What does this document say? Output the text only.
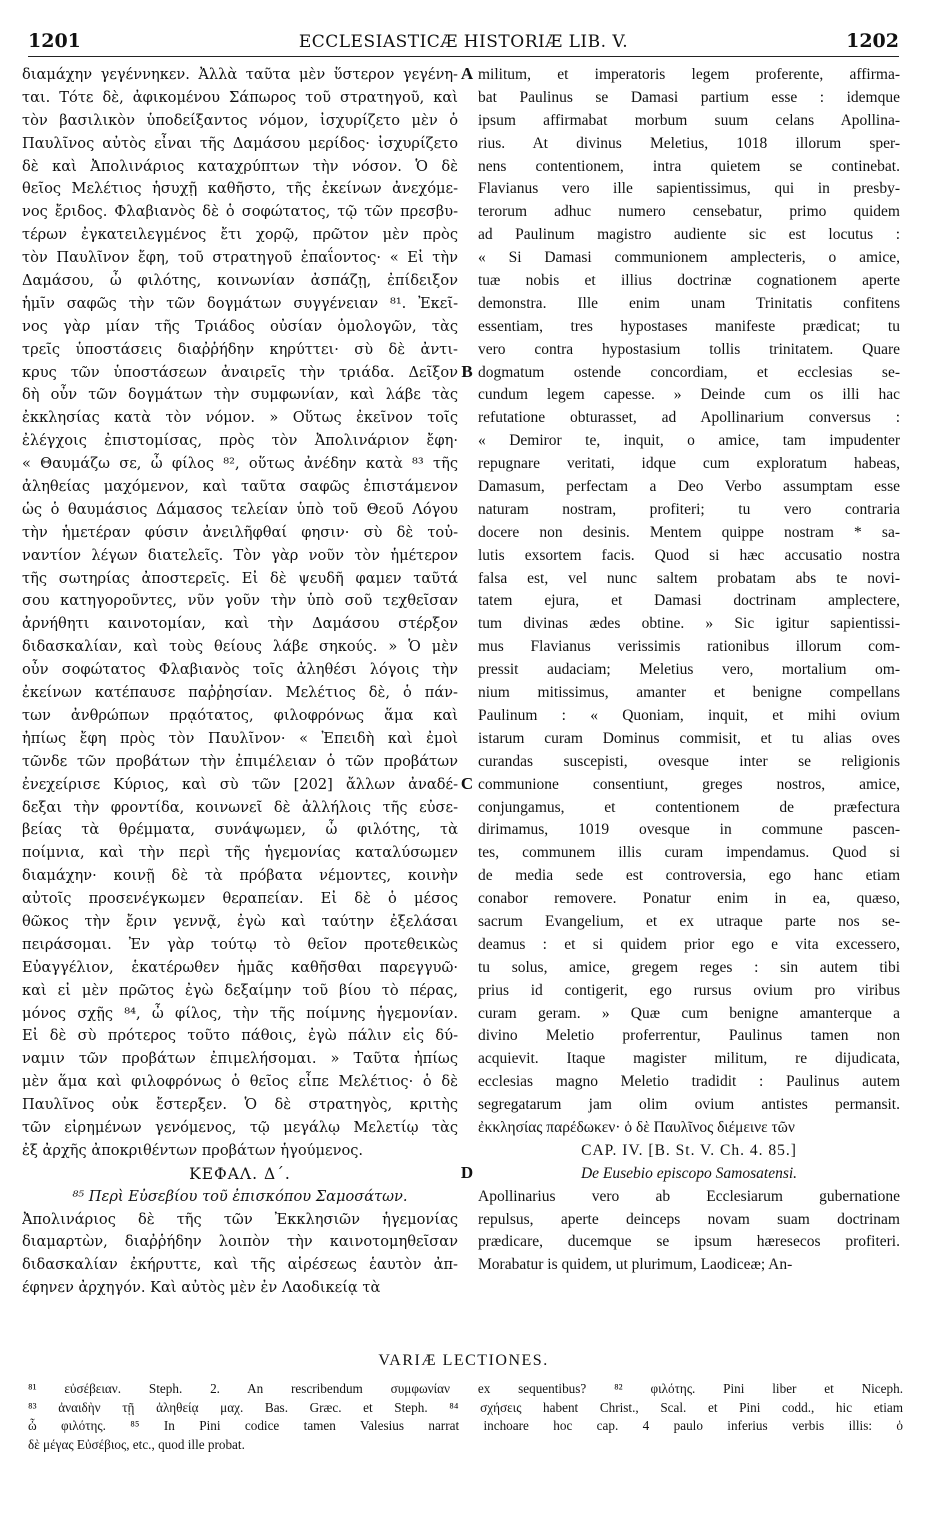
1201	ECCLESIASTICÆ HISTORIÆ LIB. V.	1202
διαμάχην γεγέννηκεν. Ἀλλὰ ταῦτα μὲν ὕστερον γεγένη-
ται. Τότε δὲ, ἀφικομένου Σάπωρος τοῦ στρατηγοῦ, καὶ
τὸν βασιλικὸν ὑποδείξαντος νόμον, ἰσχυρίζετο μὲν ὁ
Παυλῖνος αὐτὸς εἶναι τῆς Δαμάσου μερίδος· ἰσχυρίζετο
δὲ καὶ Ἀπολινάριος καταχρύπτων τὴν νόσον. Ὁ δὲ
θεῖος Μελέτιος ἡσυχῇ καθῆστο, τῆς ἐκείνων ἀνεχόμε-
νος ἔριδος. Φλαβιανὸς δὲ ὁ σοφώτατος, τῷ τῶν πρεσβυ-
τέρων ἐγκατειλεγμένος ἔτι χορῷ, πρῶτον μὲν πρὸς
τὸν Παυλῖνον ἔφη, τοῦ στρατηγοῦ ἐπαΐοντος· « Εἰ τὴν
Δαμάσου, ὦ φιλότης, κοινωνίαν ἀσπάζῃ, ἐπίδειξον
ἡμῖν σαφῶς τὴν τῶν δογμάτων συγγένειαν ⁸¹. Ἐκεῖ-
νος γὰρ μίαν τῆς Τριάδος οὐσίαν ὁμολογῶν, τὰς
τρεῖς ὑποστάσεις διαῤῥήδην κηρύττει· σὺ δὲ ἀντι-
κρυς τῶν ὑποστάσεων ἀναιρεῖς τὴν τριάδα. Δεῖξον
δὴ οὖν τῶν δογμάτων τὴν συμφωνίαν, καὶ λάβε τὰς
ἐκκλησίας κατὰ τὸν νόμον. » Οὕτως ἐκεῖνον τοῖς
ἐλέγχοις ἐπιστομίσας, πρὸς τὸν Ἀπολινάριον ἔφη·
« Θαυμάζω σε, ὦ φίλος ⁸², οὕτως ἀνέδην κατὰ ⁸³ τῆς
ἀληθείας μαχόμενον, καὶ ταῦτα σαφῶς ἐπιστάμενον
ὡς ὁ θαυμάσιος Δάμασος τελείαν ὑπὸ τοῦ Θεοῦ Λόγου
τὴν ἡμετέραν φύσιν ἀνειλῆφθαί φησιν· σὺ δὲ τοὐ-
ναντίον λέγων διατελεῖς. Τὸν γὰρ νοῦν τὸν ἡμέτερον
τῆς σωτηρίας ἀποστερεῖς. Εἰ δὲ ψευδῆ φαμεν ταῦτά
σου κατηγοροῦντες, νῦν γοῦν τὴν ὑπὸ σοῦ τεχθεῖσαν
ἀρνήθητι καινοτομίαν, καὶ τὴν Δαμάσου στέρξον
διδασκαλίαν, καὶ τοὺς θείους λάβε σηκούς. » Ὁ μὲν
οὖν σοφώτατος Φλαβιανὸς τοῖς ἀληθέσι λόγοις τὴν
ἐκείνων κατέπαυσε παῤῥησίαν. Μελέτιος δὲ, ὁ πάν-
των ἀνθρώπων πρᾳότατος, φιλοφρόνως ἅμα καὶ
ἠπίως ἔφη πρὸς τὸν Παυλῖνον· « Ἐπειδὴ καὶ ἐμοὶ
τῶνδε τῶν προβάτων τὴν ἐπιμέλειαν ὁ τῶν προβάτων
ἐνεχείρισε Κύριος, καὶ σὺ τῶν [202] ἄλλων ἀναδέ-
δεξαι τὴν φροντίδα, κοινωνεῖ δὲ ἀλλήλοις τῆς εὐσε-
βείας τὰ θρέμματα, συνάψωμεν, ὦ φιλότης, τὰ
ποίμνια, καὶ τὴν περὶ τῆς ἡγεμονίας καταλύσωμεν
διαμάχην· κοινῇ δὲ τὰ πρόβατα νέμοντες, κοινὴν
αὐτοῖς προσενέγκωμεν θεραπείαν. Εἰ δὲ ὁ μέσος
θῶκος τὴν ἔριν γεννᾷ, ἐγὼ καὶ ταύτην ἐξελάσαι
πειράσομαι. Ἐν γὰρ τούτῳ τὸ θεῖον προτεθεικὼς
Εὐαγγέλιον, ἑκατέρωθεν ἡμᾶς καθῆσθαι παρεγγυῶ·
καὶ εἰ μὲν πρῶτος ἐγὼ δεξαίμην τοῦ βίου τὸ πέρας,
μόνος σχῇς ⁸⁴, ὦ φίλος, τὴν τῆς ποίμνης ἡγεμονίαν.
Εἰ δὲ σὺ πρότερος τοῦτο πάθοις, ἐγὼ πάλιν εἰς δύ-
ναμιν τῶν προβάτων ἐπιμελήσομαι. » Ταῦτα ἠπίως
μὲν ἅμα καὶ φιλοφρόνως ὁ θεῖος εἶπε Μελέτιος· ὁ δὲ
Παυλῖνος οὐκ ἔστερξεν. Ὁ δὲ στρατηγὸς, κριτὴς
τῶν εἰρημένων γενόμενος, τῷ μεγάλῳ Μελετίῳ τὰς
ἐξ ἀρχῆς ἀποκριθέντων προβάτων ἡγούμενος.
ΚΕΦΑΛ. Δ΄.
⁸⁵ Περὶ Εὐσεβίου τοῦ ἐπισκόπου Σαμοσάτων.
Ἀπολινάριος δὲ τῆς τῶν Ἐκκλησιῶν ἡγεμονίας
διαμαρτὼν, διαῤῥήδην λοιπὸν τὴν καινοτομηθεῖσαν
διδασκαλίαν ἐκήρυττε, καὶ τῆς αἱρέσεως ἑαυτὸν ἀπ-
έφηνεν ἀρχηγόν. Καὶ αὐτὸς μὲν ἐν Λαοδικείᾳ τὰ
A
B
C
D
militum, et imperatoris legem proferente, affirma-
bat Paulinus se Damasi partium esse : idemque
ipsum affirmabat morbum suum celans Apollina-
rius. At divinus Meletius, 1018 illorum sper-
nens contentionem, intra quietem se continebat.
Flavianus vero ille sapientissimus, qui in presby-
terorum adhuc numero censebatur, primo quidem
ad Paulinum magistro audiente sic est locutus :
« Si Damasi communionem amplecteris, o amice,
tuæ nobis et illius doctrinæ cognationem aperte
demonstra. Ille enim unam Trinitatis confitens
essentiam, tres hypostases manifeste prædicat; tu
vero contra hypostasium tollis trinitatem. Quare
dogmatum ostende concordiam, et ecclesias se-
cundum legem capesse. » Deinde cum os illi hac
refutatione obturasset, ad Apollinarium conversus :
« Demiror te, inquit, o amice, tam impudenter
repugnare veritati, idque cum exploratum habeas,
Damasum, perfectam a Deo Verbo assumptam esse
naturam nostram, profiteri; tu vero contraria
docere non desinis. Mentem quippe nostram * sa-
lutis exsortem facis. Quod si hæc accusatio nostra
falsa est, vel nunc saltem probatam abs te novi-
tatem ejura, et Damasi doctrinam amplectere,
tum divinas ædes obtine. » Sic igitur sapientissi-
mus Flavianus verissimis rationibus illorum com-
pressit audaciam; Meletius vero, mortalium om-
nium mitissimus, amanter et benigne compellans
Paulinum : « Quoniam, inquit, et mihi ovium
istarum curam Dominus commisit, et tu alias oves
curandas suscepisti, ovesque inter se religionis
communione consentiunt, greges nostros, amice,
conjungamus, et contentionem de præfectura
dirimamus, 1019 ovesque in commune pascen-
tes, communem illis curam impendamus. Quod si
de media sede est controversia, ego hanc etiam
conabor removere. Ponatur enim in ea, quæso,
sacrum Evangelium, et ex utraque parte nos se-
deamus : et si quidem prior ego e vita excessero,
tu solus, amice, gregem reges : sin autem tibi
prius id contigerit, ego rursus ovium pro viribus
curam geram. » Quæ cum benigne amanterque a
divino Meletio proferrentur, Paulinus tamen non
acquievit. Itaque magister militum, re dijudicata,
ecclesias magno Meletio tradidit : Paulinus autem
segregatarum jam olim ovium antistes permansit.
ἐκκλησίας παρέδωκεν· ὁ δὲ Παυλῖνος διέμεινε τῶν
CAP. IV. [B. St. V. Ch. 4. 85.]
De Eusebio episcopo Samosatensi.
Apollinarius vero ab Ecclesiarum gubernatione
repulsus, aperte deinceps novam suam doctrinam
prædicare, ducemque se ipsum hæresecos profiteri.
Morabatur is quidem, ut plurimum, Laodiceæ; An-
VARIÆ LECTIONES.
⁸¹ εὐσέβειαν. Steph. 2. An rescribendum συμφωνίαν ex sequentibus? ⁸² φιλότης. Pini liber et Niceph.
⁸³ ἀναιδὴν τῇ ἀληθείᾳ μαχ. Bas. Græc. et Steph. ⁸⁴ σχήσεις habent Christ., Scal. et Pini codd., hic etiam
ὦ φιλότης. ⁸⁵ In Pini codice tamen Valesius narrat inchoare hoc cap. 4 paulo inferius verbis illis: ὁ
δὲ μέγας Εὐσέβιος, etc., quod ille probat.
